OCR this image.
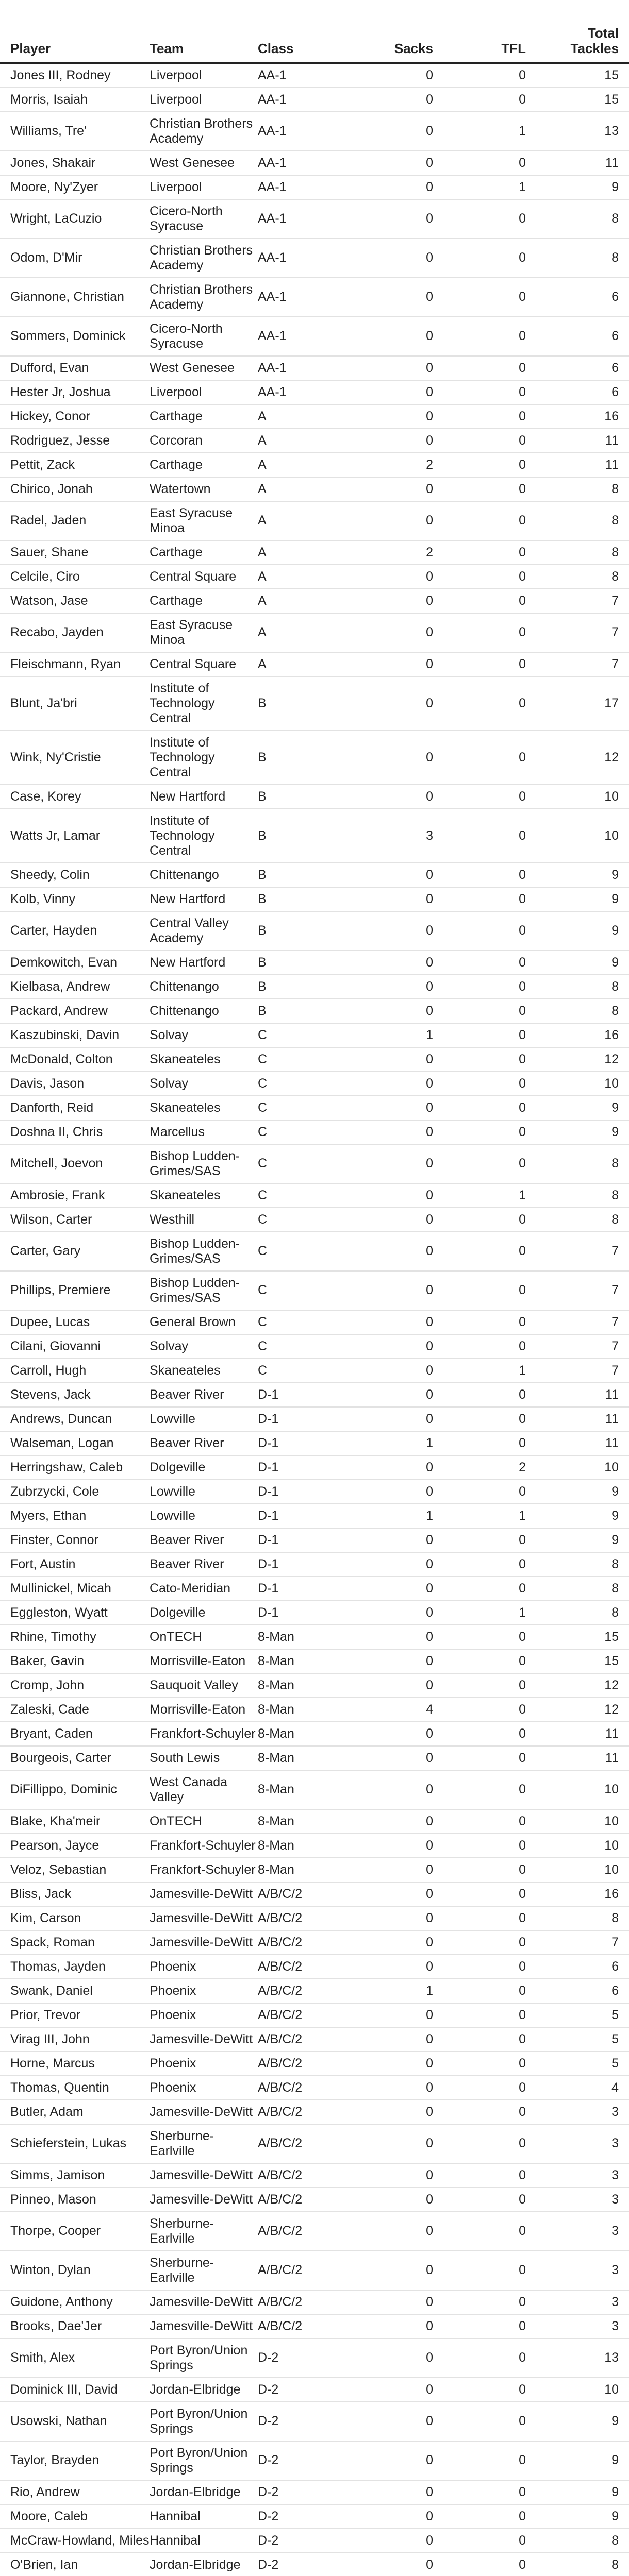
Player	Team	Class	Sacks	TFL	Total
Tackles
Jones III, Rodney	Liverpool	AA-1	0	0	15
Morris, Isaiah	Liverpool	AA-1	0	0	15
Williams, Tre'	Christian Brothers Academy	AA-1	0	1	13
Jones, Shakair	West Genesee	AA-1	0	0	11
Moore, Ny'Zyer	Liverpool	AA-1	0	1	9
Wright, LaCuzio	Cicero-North Syracuse	AA-1	0	0	8
Odom, D'Mir	Christian Brothers Academy	AA-1	0	0	8
Giannone, Christian	Christian Brothers Academy	AA-1	0	0	6
Sommers, Dominick	Cicero-North Syracuse	AA-1	0	0	6
Dufford, Evan	West Genesee	AA-1	0	0	6
Hester Jr, Joshua	Liverpool	AA-1	0	0	6
Hickey, Conor	Carthage	A	0	0	16
Rodriguez, Jesse	Corcoran	A	0	0	11
Pettit, Zack	Carthage	A	2	0	11
Chirico, Jonah	Watertown	A	0	0	8
Radel, Jaden	East Syracuse Minoa	A	0	0	8
Sauer, Shane	Carthage	A	2	0	8
Celcile, Ciro	Central Square	A	0	0	8
Watson, Jase	Carthage	A	0	0	7
Recabo, Jayden	East Syracuse Minoa	A	0	0	7
Fleischmann, Ryan	Central Square	A	0	0	7
Blunt, Ja'bri	Institute of Technology Central	B	0	0	17
Wink, Ny'Cristie	Institute of Technology Central	B	0	0	12
Case, Korey	New Hartford	B	0	0	10
Watts Jr, Lamar	Institute of Technology Central	B	3	0	10
Sheedy, Colin	Chittenango	B	0	0	9
Kolb, Vinny	New Hartford	B	0	0	9
Carter, Hayden	Central Valley Academy	B	0	0	9
Demkowitch, Evan	New Hartford	B	0	0	9
Kielbasa, Andrew	Chittenango	B	0	0	8
Packard, Andrew	Chittenango	B	0	0	8
Kaszubinski, Davin	Solvay	C	1	0	16
McDonald, Colton	Skaneateles	C	0	0	12
Davis, Jason	Solvay	C	0	0	10
Danforth, Reid	Skaneateles	C	0	0	9
Doshna II, Chris	Marcellus	C	0	0	9
Mitchell, Joevon	Bishop Ludden-Grimes/SAS	C	0	0	8
Ambrosie, Frank	Skaneateles	C	0	1	8
Wilson, Carter	Westhill	C	0	0	8
Carter, Gary	Bishop Ludden-Grimes/SAS	C	0	0	7
Phillips, Premiere	Bishop Ludden-Grimes/SAS	C	0	0	7
Dupee, Lucas	General Brown	C	0	0	7
Cilani, Giovanni	Solvay	C	0	0	7
Carroll, Hugh	Skaneateles	C	0	1	7
Stevens, Jack	Beaver River	D-1	0	0	11
Andrews, Duncan	Lowville	D-1	0	0	11
Walseman, Logan	Beaver River	D-1	1	0	11
Herringshaw, Caleb	Dolgeville	D-1	0	2	10
Zubrzycki, Cole	Lowville	D-1	0	0	9
Myers, Ethan	Lowville	D-1	1	1	9
Finster, Connor	Beaver River	D-1	0	0	9
Fort, Austin	Beaver River	D-1	0	0	8
Mullinickel, Micah	Cato-Meridian	D-1	0	0	8
Eggleston, Wyatt	Dolgeville	D-1	0	1	8
Rhine, Timothy	OnTECH	8-Man	0	0	15
Baker, Gavin	Morrisville-Eaton	8-Man	0	0	15
Cromp, John	Sauquoit Valley	8-Man	0	0	12
Zaleski, Cade	Morrisville-Eaton	8-Man	4	0	12
Bryant, Caden	Frankfort-Schuyler	8-Man	0	0	11
Bourgeois, Carter	South Lewis	8-Man	0	0	11
DiFillippo, Dominic	West Canada Valley	8-Man	0	0	10
Blake, Kha'meir	OnTECH	8-Man	0	0	10
Pearson, Jayce	Frankfort-Schuyler	8-Man	0	0	10
Veloz, Sebastian	Frankfort-Schuyler	8-Man	0	0	10
Bliss, Jack	Jamesville-DeWitt	A/B/C/2	0	0	16
Kim, Carson	Jamesville-DeWitt	A/B/C/2	0	0	8
Spack, Roman	Jamesville-DeWitt	A/B/C/2	0	0	7
Thomas, Jayden	Phoenix	A/B/C/2	0	0	6
Swank, Daniel	Phoenix	A/B/C/2	1	0	6
Prior, Trevor	Phoenix	A/B/C/2	0	0	5
Virag III, John	Jamesville-DeWitt	A/B/C/2	0	0	5
Horne, Marcus	Phoenix	A/B/C/2	0	0	5
Thomas, Quentin	Phoenix	A/B/C/2	0	0	4
Butler, Adam	Jamesville-DeWitt	A/B/C/2	0	0	3
Schieferstein, Lukas	Sherburne-Earlville	A/B/C/2	0	0	3
Simms, Jamison	Jamesville-DeWitt	A/B/C/2	0	0	3
Pinneo, Mason	Jamesville-DeWitt	A/B/C/2	0	0	3
Thorpe, Cooper	Sherburne-Earlville	A/B/C/2	0	0	3
Winton, Dylan	Sherburne-Earlville	A/B/C/2	0	0	3
Guidone, Anthony	Jamesville-DeWitt	A/B/C/2	0	0	3
Brooks, Dae'Jer	Jamesville-DeWitt	A/B/C/2	0	0	3
Smith, Alex	Port Byron/Union Springs	D-2	0	0	13
Dominick III, David	Jordan-Elbridge	D-2	0	0	10
Usowski, Nathan	Port Byron/Union Springs	D-2	0	0	9
Taylor, Brayden	Port Byron/Union Springs	D-2	0	0	9
Rio, Andrew	Jordan-Elbridge	D-2	0	0	9
Moore, Caleb	Hannibal	D-2	0	0	9
McCraw-Howland, Miles	Hannibal	D-2	0	0	8
O'Brien, Ian	Jordan-Elbridge	D-2	0	0	8
